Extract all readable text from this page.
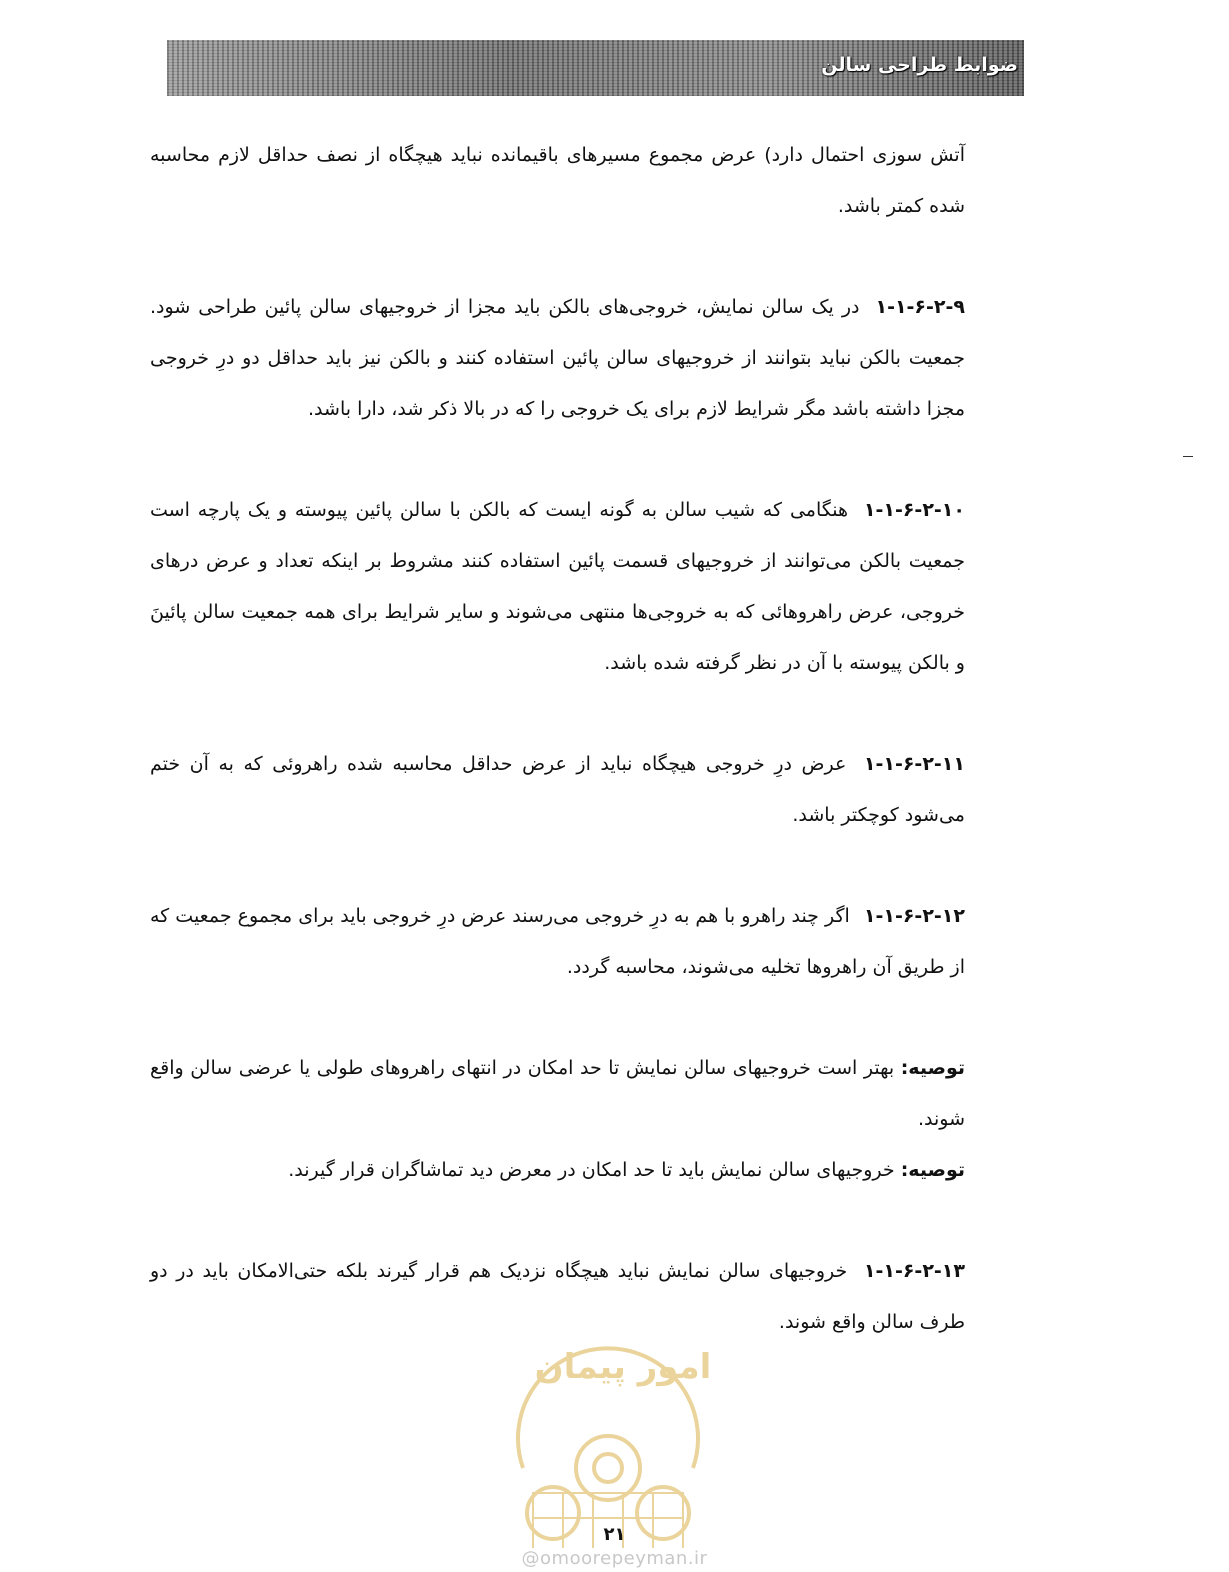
ضوابط طراحی سالن

آتش سوزی احتمال دارد) عرض مجموع مسیرهای باقیمانده نباید هیچگاه از نصف حداقل لازم محاسبه شده کمتر باشد.

۱-۱-۶-۲-۹ در یک سالن نمایش، خروجی‌های بالکن باید مجزا از خروجیهای سالن پائین طراحی شود. جمعیت بالکن نباید بتوانند از خروجیهای سالن پائین استفاده کنند و بالکن نیز باید حداقل دو درِ خروجی مجزا داشته باشد مگر شرایط لازم برای یک خروجی را که در بالا ذکر شد، دارا باشد.

۱-۱-۶-۲-۱۰ هنگامی که شیب سالن به گونه ایست که بالکن با سالن پائین پیوسته و یک پارچه است جمعیت بالکن می‌توانند از خروجیهای قسمت پائین استفاده کنند مشروط بر اینکه تعداد و عرض درهای خروجی، عرض راهروهائی که به خروجی‌ها منتهی می‌شوند و سایر شرایط برای همه جمعیت سالن پائینَ و بالکن پیوسته با آن در نظر گرفته شده باشد.

۱-۱-۶-۲-۱۱ عرض درِ خروجی هیچگاه نباید از عرض حداقل محاسبه شده راهروئی که به آن ختم می‌شود کوچکتر باشد.

۱-۱-۶-۲-۱۲ اگر چند راهرو با هم به درِ خروجی می‌رسند عرض درِ خروجی باید برای مجموع جمعیت که از طریق آن راهروها تخلیه می‌شوند، محاسبه گردد.

توصیه: بهتر است خروجیهای سالن نمایش تا حد امکان در انتهای راهروهای طولی یا عرضی سالن واقع شوند.

توصیه: خروجیهای سالن نمایش باید تا حد امکان در معرض دید تماشاگران قرار گیرند.

۱-۱-۶-۲-۱۳ خروجیهای سالن نمایش نباید هیچگاه نزدیک هم قرار گیرند بلکه حتی‌الامکان باید در دو طرف سالن واقع شوند.

امور پیمان
۲۱
@omoorepeyman.ir
